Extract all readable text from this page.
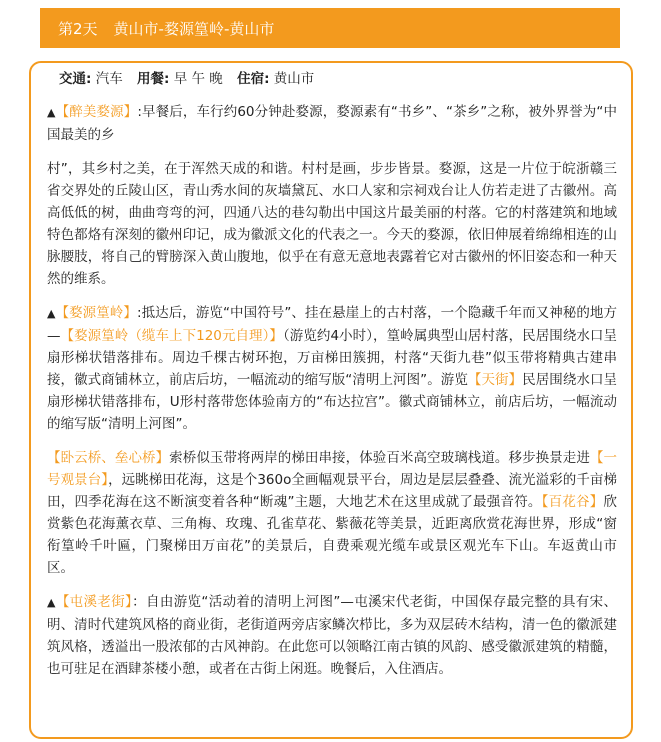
第2天 黄山市-婺源篁岭-黄山市
交通: 汽车 用餐: 早 午 晚 住宿: 黄山市

▲【醉美婺源】:早餐后，车行约60分钟赴婺源，婺源素有“书乡”、“茶乡”之称，被外界誉为“中国最美的乡

村”，其乡村之美，在于浑然天成的和谐。村村是画，步步皆景。婺源，这是一片位于皖浙赣三省交界处的丘陵山区，青山秀水间的灰墙黛瓦、水口人家和宗祠戏台让人仿若走进了古徽州。高高低低的树，曲曲弯弯的河，四通八达的巷勾勒出中国这片最美丽的村落。它的村落建筑和地域特色都烙有深刻的徽州印记，成为徽派文化的代表之一。今天的婺源，依旧伸展着绵绵相连的山脉腰肢，将自己的臂膀深入黄山腹地，似乎在有意无意地表露着它对古徽州的怀旧姿态和一种天然的维系。

▲【婺源篁岭】:抵达后，游览“中国符号”、挂在悬崖上的古村落，一个隐藏千年而又神秘的地方—【婺源篁岭（缆车上下120元自理）】（游览约4小时），篁岭属典型山居村落，民居围绕水口呈扇形梯状错落排布。周边千棵古树环抱，万亩梯田簇拥，村落“天街九巷”似玉带将精典古建串接，徽式商铺林立，前店后坊，一幅流动的缩写版“清明上河图”。游览【天街】民居围绕水口呈扇形梯状错落排布，U形村落带您体验南方的“布达拉宫”。徽式商铺林立，前店后坊，一幅流动的缩写版“清明上河图”。

【卧云桥、垒心桥】索桥似玉带将两岸的梯田串接，体验百米高空玻璃栈道。移步换景走进【一号观景台】，远眺梯田花海，这是个360o全画幅观景平台，周边是层层叠叠、流光溢彩的千亩梯田，四季花海在这不断演变着各种“断魂”主题，大地艺术在这里成就了最强音符。【百花谷】欣赏紫色花海薰衣草、三角梅、玫瑰、孔雀草花、紫薇花等美景，近距离欣赏花海世界，形成“窗衔篁岭千叶匾，门聚梯田万亩花”的美景后，自费乘观光缆车或景区观光车下山。车返黄山市区。

▲【屯溪老街】：自由游览“活动着的清明上河图”—屯溪宋代老街，中国保存最完整的具有宋、明、清时代建筑风格的商业街，老街道两旁店家鳞次栉比，多为双层砖木结构，清一色的徽派建筑风格，透溢出一股浓郁的古风神韵。在此您可以领略江南古镇的风韵、感受徽派建筑的精髓，也可驻足在酒肆茶楼小憩，或者在古街上闲逛。晚餐后，入住酒店。
